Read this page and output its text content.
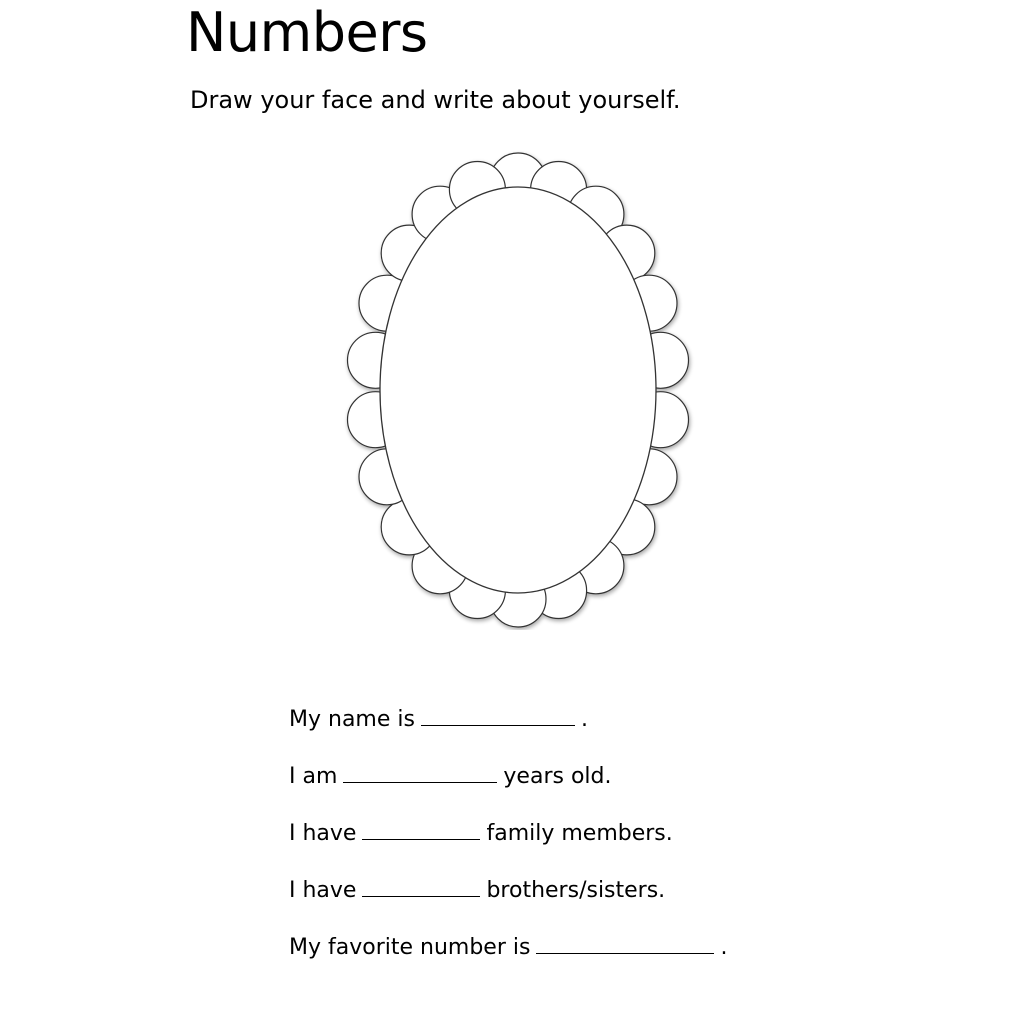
Numbers

Draw your face and write about yourself.

My name is	.
I am	years old.
I have	family members.
I have	brothers/sisters.
My favorite number is	.
